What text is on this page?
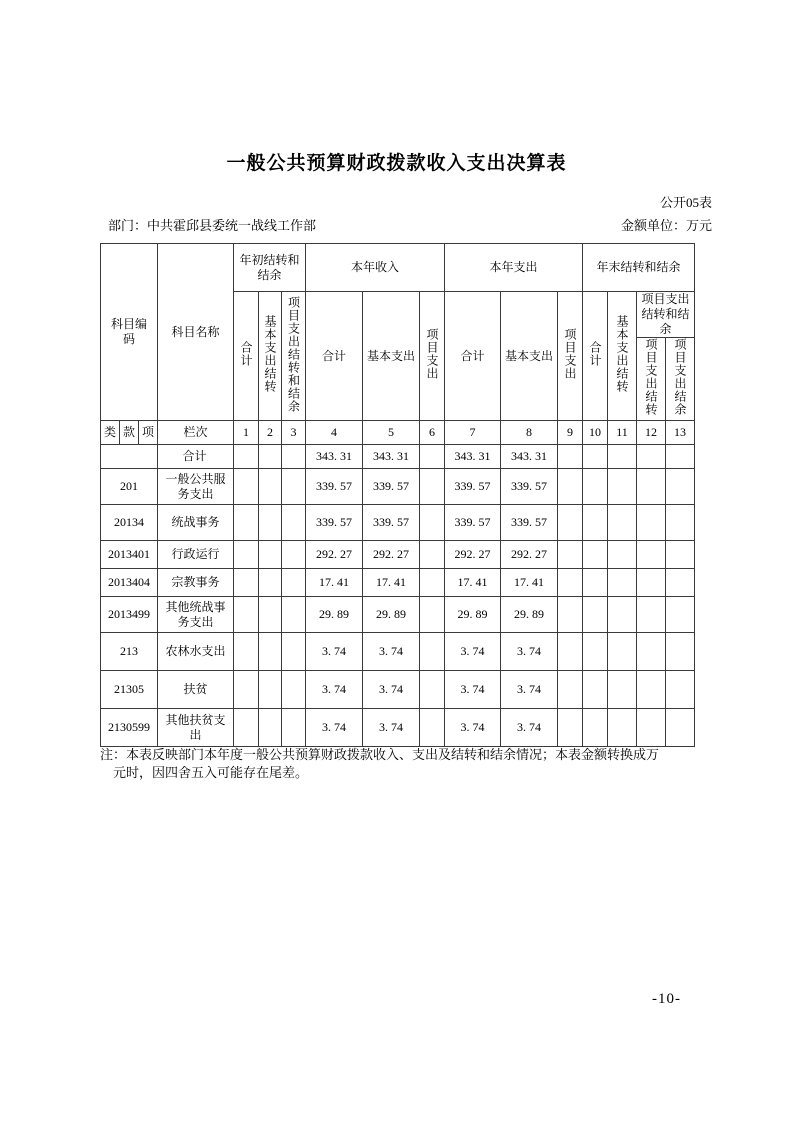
一般公共预算财政拨款收入支出决算表
公开05表
部门：中共霍邱县委统一战线工作部	金额单位：万元
科目编码			科目名称	年初结转和结余			本年收入			本年支出			年末结转和结余			
				合计	基本支出结转	项目支出结转和结余	合计	基本支出	项目支出	合计	基本支出	项目支出	合计	基本支出结转	项目支出结转和结余	
															项目支出结转	项目支出结余
类	款	项	栏次	1	2	3	4	5	6	7	8	9	10	11	12	13
			合计				343. 31	343. 31		343. 31	343. 31					
201			一般公共服务支出				339. 57	339. 57		339. 57	339. 57					
20134			统战事务				339. 57	339. 57		339. 57	339. 57					
2013401			行政运行				292. 27	292. 27		292. 27	292. 27					
2013404			宗教事务				17. 41	17. 41		17. 41	17. 41					
2013499			其他统战事务支出				29. 89	29. 89		29. 89	29. 89					
213			农林水支出				3. 74	3. 74		3. 74	3. 74					
21305			扶贫				3. 74	3. 74		3. 74	3. 74					
2130599			其他扶贫支出				3. 74	3. 74		3. 74	3. 74					
注：本表反映部门本年度一般公共预算财政拨款收入、支出及结转和结余情况；本表金额转换成万
元时，因四舍五入可能存在尾差。
-10-
